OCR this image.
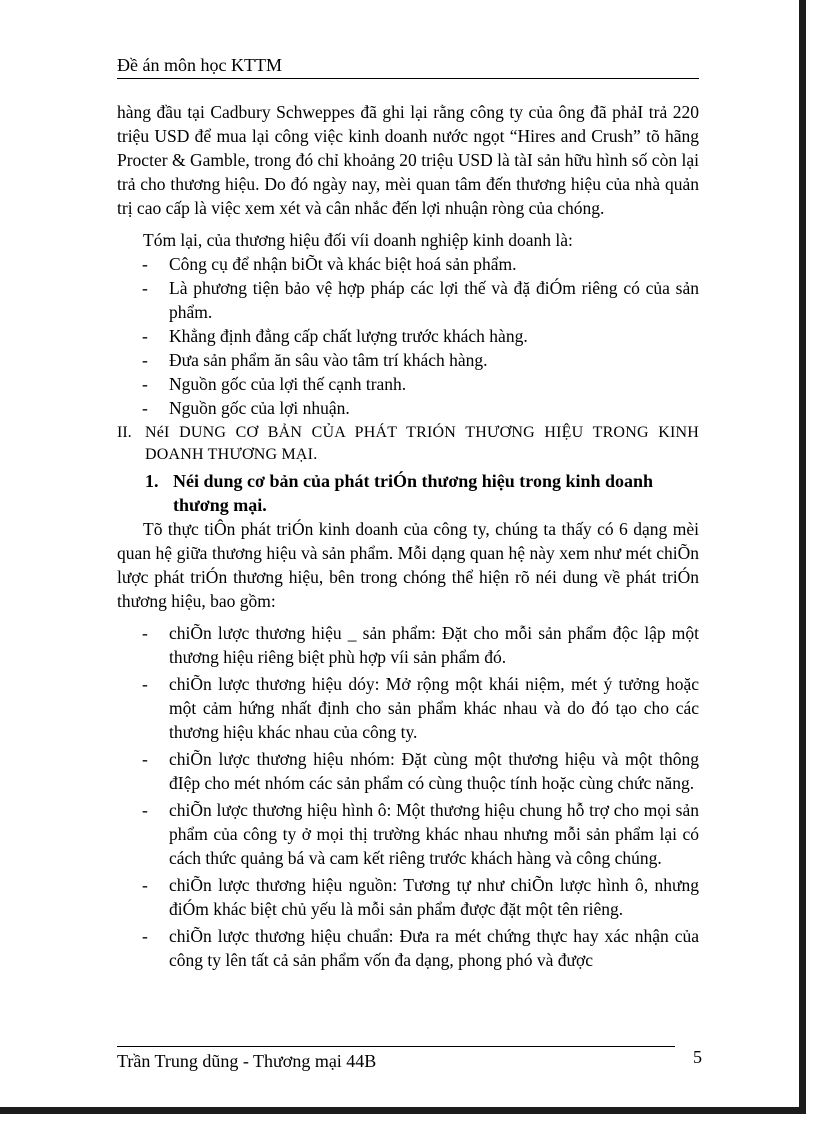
Đề án môn học KTTM

hàng đầu tại Cadbury Schweppes đã ghi lại rằng công ty của ông đã phảI trả 220 triệu USD để mua lại công việc kinh doanh nước ngọt “Hires and Crush” tõ hãng Procter & Gamble, trong đó chỉ khoảng 20 triệu USD là tàI sản hữu hình số còn lại trả cho thương hiệu. Do đó ngày nay, mèi quan tâm đến thương hiệu của nhà quản trị cao cấp là việc xem xét và cân nhắc đến lợi nhuận ròng của chóng.

Tóm lại, của thương hiệu đối víi doanh nghiệp kinh doanh là:

- Công cụ để nhận biÕt và khác biệt hoá sản phẩm.
- Là phương tiện bảo vệ hợp pháp các lợi thế và đặ điÓm riêng có của sản phẩm.
- Khẳng định đẳng cấp chất lượng trước khách hàng.
- Đưa sản phẩm ăn sâu vào tâm trí khách hàng.
- Nguồn gốc của lợi thế cạnh tranh.
- Nguồn gốc của lợi nhuận.
II. NéI DUNG CƠ BẢN CỦA PHÁT TRIÓN THƯƠNG HIỆU TRONG KINH DOANH THƯƠNG MẠI.
1. Néi dung cơ bản của phát triÓn thương hiệu trong kinh doanh thương mại.

Tõ thực tiÔn phát triÓn kinh doanh của công ty, chúng ta thấy có 6 dạng mèi quan hệ giữa thương hiệu và sản phẩm. Mỗi dạng quan hệ này xem như mét chiÕn lược phát triÓn thương hiệu, bên trong chóng thể hiện rõ néi dung về phát triÓn thương hiệu, bao gồm:

- chiÕn lược thương hiệu _ sản phẩm: Đặt cho mỗi sản phẩm độc lập một thương hiệu riêng biệt phù hợp víi sản phẩm đó.
- chiÕn lược thương hiệu dóy: Mở rộng một khái niệm, mét ý tưởng hoặc một cảm hứng nhất định cho sản phẩm khác nhau và do đó tạo cho các thương hiệu khác nhau của công ty.
- chiÕn lược thương hiệu nhóm: Đặt cùng một thương hiệu và một thông đIệp cho mét nhóm các sản phẩm có cùng thuộc tính hoặc cùng chức năng.
- chiÕn lược thương hiệu hình ô: Một thương hiệu chung hỗ trợ cho mọi sản phẩm của công ty ở mọi thị trường khác nhau nhưng mỗi sản phẩm lại có cách thức quảng bá và cam kết riêng trước khách hàng và công chúng.
- chiÕn lược thương hiệu nguồn: Tương tự như chiÕn lược hình ô, nhưng điÓm khác biệt chủ yếu là mỗi sản phẩm được đặt một tên riêng.
- chiÕn lược thương hiệu chuẩn: Đưa ra mét chứng thực hay xác nhận của công ty lên tất cả sản phẩm vốn đa dạng, phong phó và được
Trần Trung dũng - Thương mại 44B	5
